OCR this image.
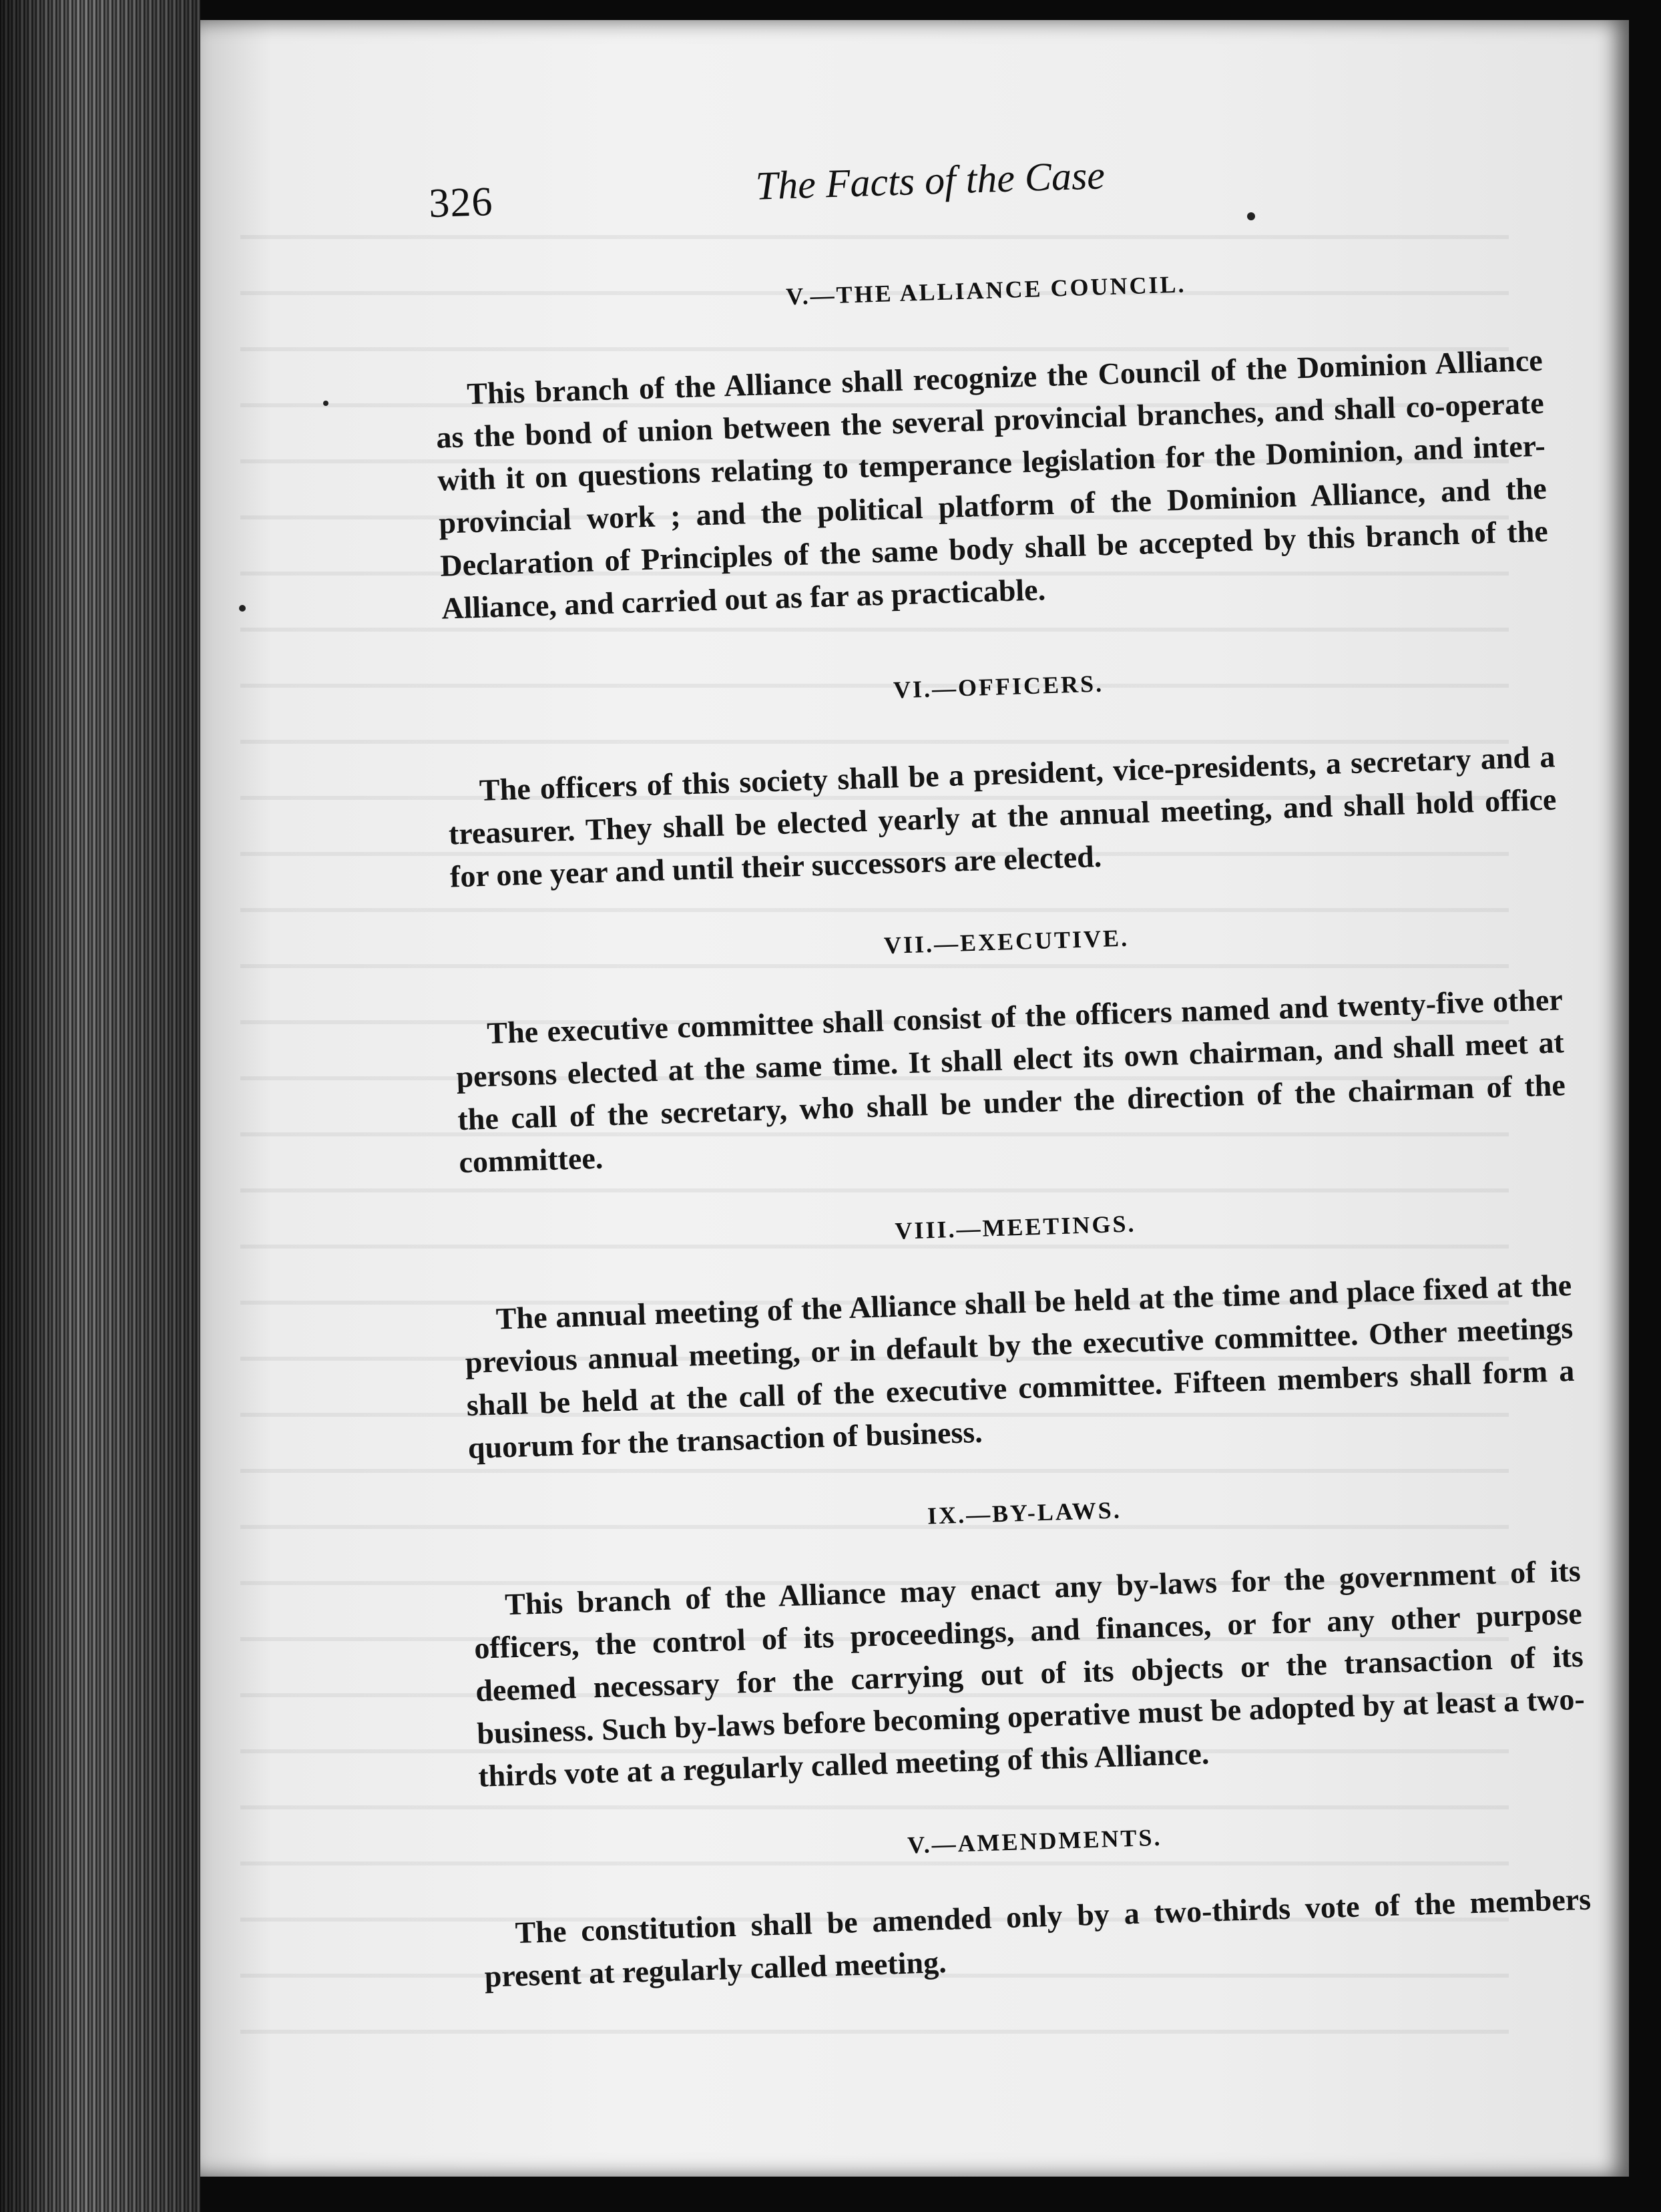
326	The Facts of the Case
V.—THE ALLIANCE COUNCIL.

This branch of the Alliance shall recognize the Council of the Dominion Alliance as the bond of union between the several provincial branches, and shall co-operate with it on questions relating to temperance legislation for the Dominion, and inter-provincial work ; and the political platform of the Dominion Alliance, and the Declaration of Principles of the same body shall be accepted by this branch of the Alliance, and carried out as far as practicable.

VI.—OFFICERS.

The officers of this society shall be a president, vice-presidents, a secretary and a treasurer. They shall be elected yearly at the annual meeting, and shall hold office for one year and until their successors are elected.

VII.—EXECUTIVE.

The executive committee shall consist of the officers named and twenty-five other persons elected at the same time. It shall elect its own chairman, and shall meet at the call of the secretary, who shall be under the direction of the chairman of the committee.

VIII.—MEETINGS.

The annual meeting of the Alliance shall be held at the time and place fixed at the previous annual meeting, or in default by the executive committee. Other meetings shall be held at the call of the executive committee. Fifteen members shall form a quorum for the transaction of business.

IX.—BY-LAWS.

This branch of the Alliance may enact any by-laws for the government of its officers, the control of its proceedings, and finances, or for any other purpose deemed necessary for the carrying out of its objects or the transaction of its business. Such by-laws before becoming operative must be adopted by at least a two-thirds vote at a regularly called meeting of this Alliance.

V.—AMENDMENTS.

The constitution shall be amended only by a two-thirds vote of the members present at regularly called meeting.
